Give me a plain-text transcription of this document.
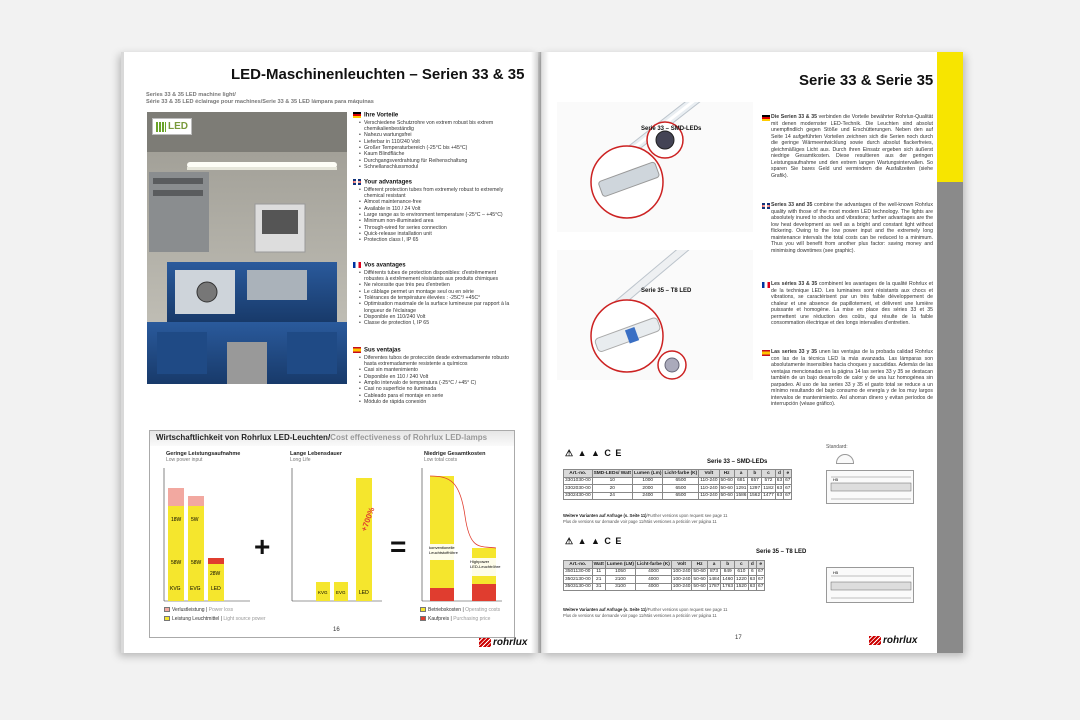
LED-Maschinenleuchten – Serien 33 & 35
Series 33 & 35 LED machine light/
Série 33 & 35 LED éclairage pour machines/Serie 33 & 35 LED lámpara para máquinas
LED
Ihre Vorteile
• Verschiedene Schutzrohre von extrem robust bis extrem chemikalienbeständig
• Nahezu wartungsfrei
• Lieferbar in 110/240 Volt
• Großer Temperaturbereich (-25°C bis +45°C)
• Kaum Blindfläche
• Durchgangsverdrahtung für Reihenschaltung
• Schnellanschlussmodul
Your advantages
• Different protection tubes from extremely robust to extremely chemical resistant
• Almost maintenance-free
• Available in 110 / 24 Volt
• Large range as to environment temperature (-25°C – +45°C)
• Minimum non-illuminated area
• Through-wired for series connection
• Quick-release installation unit
• Protection class I, IP 65
Vos avantages
• Différents tubes de protection disponibles: d'extrêmement robustes à extrêmement résistants aux produits chimiques
• Ne nécessite que très peu d'entretien
• Le câblage permet un montage seul ou en série
• Tolérances de température élevées : -25C°/ +45C°
• Optimisation maximale de la surface lumineuse par rapport à la longueur de l'éclairage
• Disponible en 110/240 Volt
• Classe de protection I, IP 65
Sus ventajas
• Diferentes tubos de protección desde extremadamente robusto hasta extremadamente resistente a químicos
• Casi sin mantenimiento
• Disponible en 110 / 240 Volt
• Amplio intervalo de temperatura (-25°C / +45° C)
• Casi no superficie no iluminada
• Cableado para el montaje en serie
• Módulo de rápida conexión
Wirtschaftlichkeit von Rohrlux LED-Leuchten/Cost effectiveness of Rohrlux LED-lamps
Geringe Leistungsaufnahme
Low power input
18W 5W
58W 58W
28W
KVG EVG LED
+
Lange Lebensdauer
Long Life
+700%
KVG EVG	LED
=
Niedrige Gesamtkosten
Low total costs
konventionelle
Leuchtstoffröhre
Highpower
LED-Leuchtröhre
Verlustleistung | Power loss
Leistung Leuchtmittel | Light source power
Betriebskosten | Operating costs
Kaufpreis | Purchasing price
16
rohrlux
Serie 33 & Serie 35
Serie 33 – SMD-LEDs
Serie 35 – T8 LED
Die Serien 33 & 35 verbinden die Vorteile bewährter Rohrlux-Qualität mit denen modernster LED-Technik. Die Leuchten sind absolut unempfindlich gegen Stöße und Erschütterungen. Neben den auf Seite 14 aufgeführten Vorteilen zeichnen sich die Serien noch durch die geringe Wärmeentwicklung sowie durch absolut flackerfreies, gleichmäßiges Licht aus. Durch ihren Einsatz ergeben sich äußerst niedrige Gesamtkosten. Diese resultieren aus der geringen Leistungsaufnahme und den extrem langen Wartungsintervallen. So sparen Sie bares Geld und vermindern die Ausfallzeiten (siehe Grafik).
Series 33 and 35 combine the advantages of the well-known Rohrlux quality with those of the most modern LED technology. The lights are absolutely inured to shocks and vibrations; further advantages are the low heat development as well as a bright and constant light without flickering. Owing to the low power input and the extremely long maintenance intervals the total costs can be reduced to a minimum. Thus you will benefit from another plus factor: saving money and minimising downtimes (see graphic).
Les séries 33 & 35 combinent les avantages de la qualité Rohrlux et de la technique LED. Les luminaires sont résistants aux chocs et vibrations, se caractérisent par un très faible développement de chaleur et une absence de papillotement, et délivrent une lumière puissante et homogène. La mise en place des séries 33 et 35 permettent une réduction des coûts, qui résulte de la faible consommation électrique et des longs intervalles d'entretien.
Las series 33 y 35 unen las ventajas de la probada calidad Rohrlux con las de la técnica LED la más avanzada. Las lámparas son absolutamente insensibles hacia choques y sacudidas. Además de las ventajas mencionadas en la página 14 las series 33 y 35 se destacan también de un bajo desarrollo de calor y de una luz homogénea sin parpadeo. Al uso de las series 33 y 35 el gasto total se reduce a un mínimo resultando del bajo consumo de energía y de los muy largos intervalos de mantenimiento. Así ahorran dinero y evitan períodos de interrupción (véase gráfico).
⚠ ▲ ▲ C E
Serie 33 – SMD-LEDs
Art.-no.	SMD-LEDs/ Watt	Lumen (Lm)	Licht-farbe (K)	Volt	Hz	a	b	c	d	e
3301030-00	10	1000	6500	110-240	50-60	681	657	572	63	67
3302030-00	20	2000	6500	110-240	50-60	1291	1297	1182	63	67
3302430-00	24	2400	6500	110-240	50-60	1586	1562	1477	63	67
Weitere Varianten auf Anfrage (s. Seite 11)/Further versions upon request see page 11
Plus de versions sur demande voir page 11/Más versiones a petición ver página 11
Standard:
H5
⚠ ▲ ▲ C E
Serie 35 – T8 LED
Art.-no.	Watt	Lumen (LM)	Licht-farbe (K)	Volt	Hz	a	b	c	d	e
3501130-00	11	1050	4000	100-240	50-60	873	849	610	6	67
3502130-00	21	2100	4000	100-240	50-60	1484	1460	1220	63	67
3503130-00	31	3100	4000	100-240	50-60	1787	1763	1520	63	67
Weitere Varianten auf Anfrage (s. Seite 11)/Further versions upon request see page 11
Plus de versions sur demande voir page 11/Más versiones a petición ver página 11
H5
17	rohrlux
